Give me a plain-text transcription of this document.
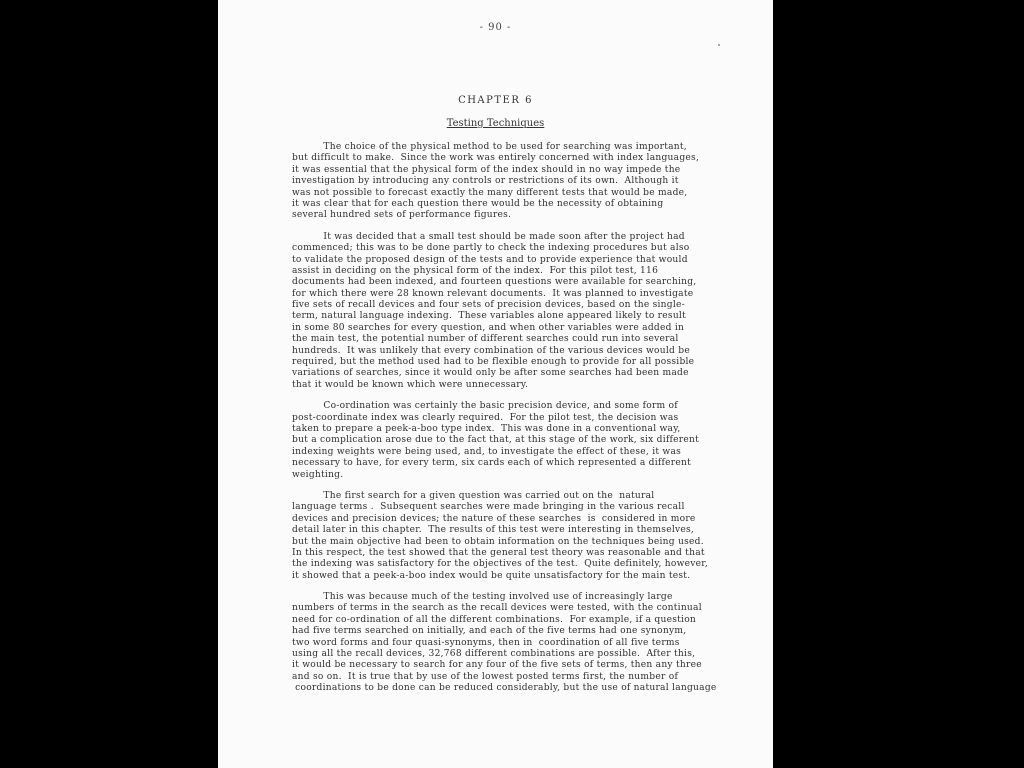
- 90 -
CHAPTER 6
Testing Techniques
The choice of the physical method to be used for searching was important,
but difficult to make.  Since the work was entirely concerned with index languages,
it was essential that the physical form of the index should in no way impede the
investigation by introducing any controls or restrictions of its own.  Although it
was not possible to forecast exactly the many different tests that would be made,
it was clear that for each question there would be the necessity of obtaining
several hundred sets of performance figures.
It was decided that a small test should be made soon after the project had
commenced; this was to be done partly to check the indexing procedures but also
to validate the proposed design of the tests and to provide experience that would
assist in deciding on the physical form of the index.  For this pilot test, 116
documents had been indexed, and fourteen questions were available for searching,
for which there were 28 known relevant documents.  It was planned to investigate
five sets of recall devices and four sets of precision devices, based on the single-
term, natural language indexing.  These variables alone appeared likely to result
in some 80 searches for every question, and when other variables were added in
the main test, the potential number of different searches could run into several
hundreds.  It was unlikely that every combination of the various devices would be
required, but the method used had to be flexible enough to provide for all possible
variations of searches, since it would only be after some searches had been made
that it would be known which were unnecessary.
Co-ordination was certainly the basic precision device, and some form of
post-coordinate index was clearly required.  For the pilot test, the decision was
taken to prepare a peek-a-boo type index.  This was done in a conventional way,
but a complication arose due to the fact that, at this stage of the work, six different
indexing weights were being used, and, to investigate the effect of these, it was
necessary to have, for every term, six cards each of which represented a different
weighting.
The first search for a given question was carried out on the  natural
language terms .  Subsequent searches were made bringing in the various recall
devices and precision devices; the nature of these searches  is  considered in more
detail later in this chapter.  The results of this test were interesting in themselves,
but the main objective had been to obtain information on the techniques being used.
In this respect, the test showed that the general test theory was reasonable and that
the indexing was satisfactory for the objectives of the test.  Quite definitely, however,
it showed that a peek-a-boo index would be quite unsatisfactory for the main test.
This was because much of the testing involved use of increasingly large
numbers of terms in the search as the recall devices were tested, with the continual
need for co-ordination of all the different combinations.  For example, if a question
had five terms searched on initially, and each of the five terms had one synonym,
two word forms and four quasi-synonyms, then in  coordination of all five terms
using all the recall devices, 32,768 different combinations are possible.  After this,
it would be necessary to search for any four of the five sets of terms, then any three
and so on.  It is true that by use of the lowest posted terms first, the number of
coordinations to be done can be reduced considerably, but the use of natural language
